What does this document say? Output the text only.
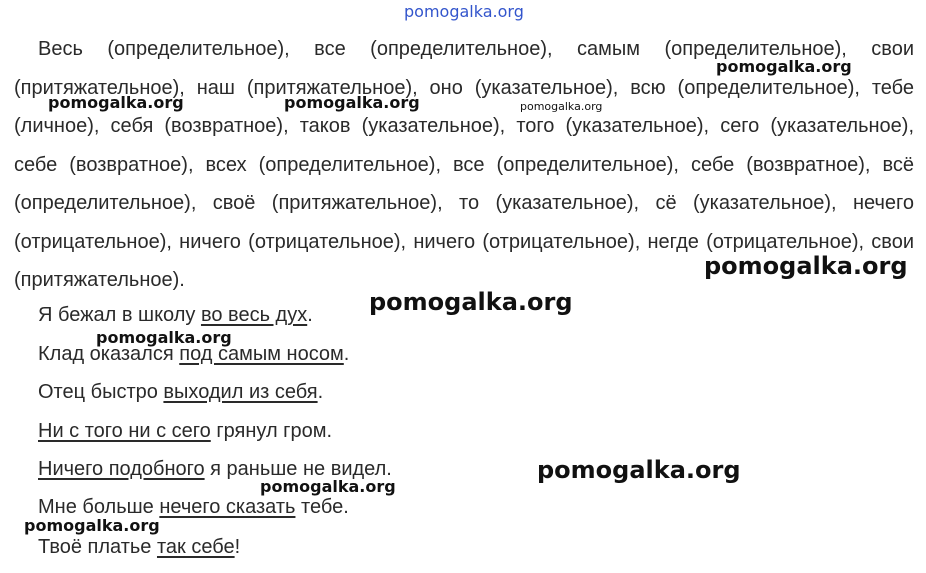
Весь (определительное), все (определительное), самым (определительное), свои (притяжательное), наш (притяжательное), оно (указательное), всю (определительное), тебе (личное), себя (возвратное), таков (указательное), того (указательное), сего (указательное), себе (возвратное), всех (определительное), все (определительное), себе (возвратное), всё (определительное), своё (притяжательное), то (указательное), сё (указательное), нечего (отрицательное), ничего (отрицательное), ничего (отрицательное), негде (отрицательное), свои (притяжательное).

Я бежал в школу во весь дух.

Клад оказался под самым носом.

Отец быстро выходил из себя.

Ни с того ни с сего грянул гром.

Ничего подобного я раньше не видел.

Мне больше нечего сказать тебе.

Твоё платье так себе!

pomogalka.org
pomogalka.org
pomogalka.org	pomogalka.org	pomogalka.org
pomogalka.org
pomogalka.org
pomogalka.org
pomogalka.org
pomogalka.org
pomogalka.org
